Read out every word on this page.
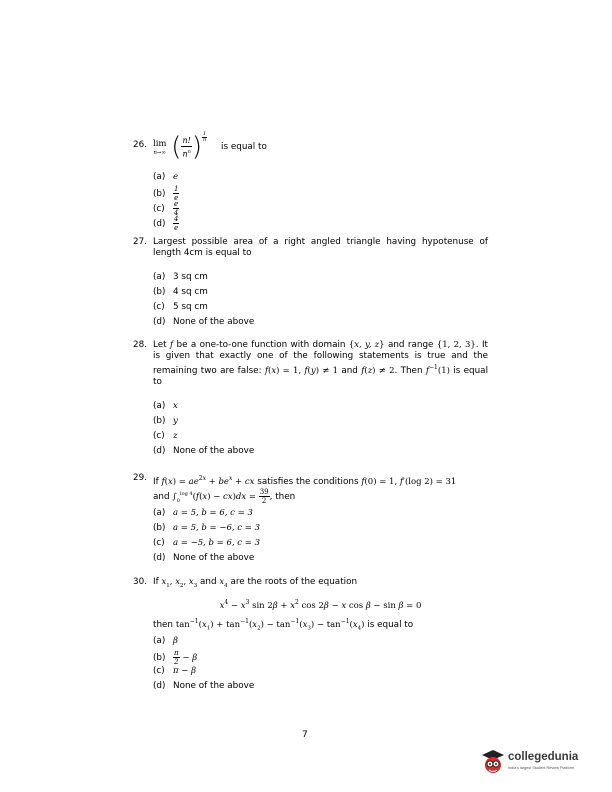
26. lim
n→∞ ( $\frac{n!}{n^n}$ ) $\frac{1}{n}$
is equal to
(a) e
$(b) \frac{1}{e}$
$(c) \frac{e}{4}$
$(d) \frac{4}{e}$
27. Largest possible area of a right angled triangle having hypotenuse of length 4cm is equal to
(a) 3 sq cm
(b) 4 sq cm
(c) 5 sq cm
(d) None of the above
28. Let f be a one-to-one function with domain {x, y, z} and range {1, 2, 3}. It is given that exactly one of the following statements is true and the remaining two are false: f(x) = 1, f(y) ≠ 1 and f(z) ≠ 2. Then $f^{-1}(1)$ is equal to
(a) x
(b) y
(c) z
(d) None of the above
29. If $f(x) = ae^{2x} + be^x$ + cx satisfies the conditions f(0) = 1, f′(log 2) = 31
and $\int_0^{log 4}(f(x) - cx)dx = \frac{39}{2}$ , then
(a) a = 5, b = 6, c = 3
(b) a = 5, b = −6, c = 3
(c) a = −5, b = 6, c = 3
(d) None of the above
30. If $x_1$, $x_2$, $x_3$ and $x_4$ are the roots of the equation
$x^4 - x^3$ $\sin 2\beta + x^2$ cos 2β − x cos β − sin β = 0
then $\tan^{-1}(x_1) + \tan^{-1}(x_2) - \tan^{-1}(x_3) - \tan^{-1}(x_4)$ is equal to
(a) β
$(b) \frac{\pi}{2} - \beta$
(c) π − β
(d) None of the above
7
collegedunia
India's largest Student Review Platform
